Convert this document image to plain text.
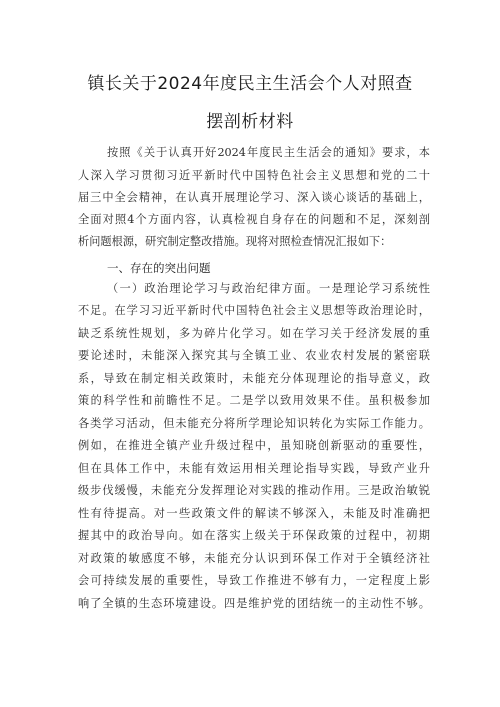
镇长关于2024年度民主生活会个人对照查
摆剖析材料
按照《关于认真开好2024年度民主生活会的通知》要求，本
人深入学习贯彻习近平新时代中国特色社会主义思想和党的二十
届三中全会精神，在认真开展理论学习、深入谈心谈话的基础上，
全面对照4个方面内容，认真检视自身存在的问题和不足，深刻剖
析问题根源，研究制定整改措施。现将对照检查情况汇报如下：
一、存在的突出问题
（一）政治理论学习与政治纪律方面。一是理论学习系统性
不足。在学习习近平新时代中国特色社会主义思想等政治理论时，
缺乏系统性规划，多为碎片化学习。如在学习关于经济发展的重
要论述时，未能深入探究其与全镇工业、农业农村发展的紧密联
系，导致在制定相关政策时，未能充分体现理论的指导意义，政
策的科学性和前瞻性不足。二是学以致用效果不佳。虽积极参加
各类学习活动，但未能充分将所学理论知识转化为实际工作能力。
例如，在推进全镇产业升级过程中，虽知晓创新驱动的重要性，
但在具体工作中，未能有效运用相关理论指导实践，导致产业升
级步伐缓慢，未能充分发挥理论对实践的推动作用。三是政治敏锐
性有待提高。对一些政策文件的解读不够深入，未能及时准确把
握其中的政治导向。如在落实上级关于环保政策的过程中，初期
对政策的敏感度不够，未能充分认识到环保工作对于全镇经济社
会可持续发展的重要性，导致工作推进不够有力，一定程度上影
响了全镇的生态环境建设。四是维护党的团结统一的主动性不够。
